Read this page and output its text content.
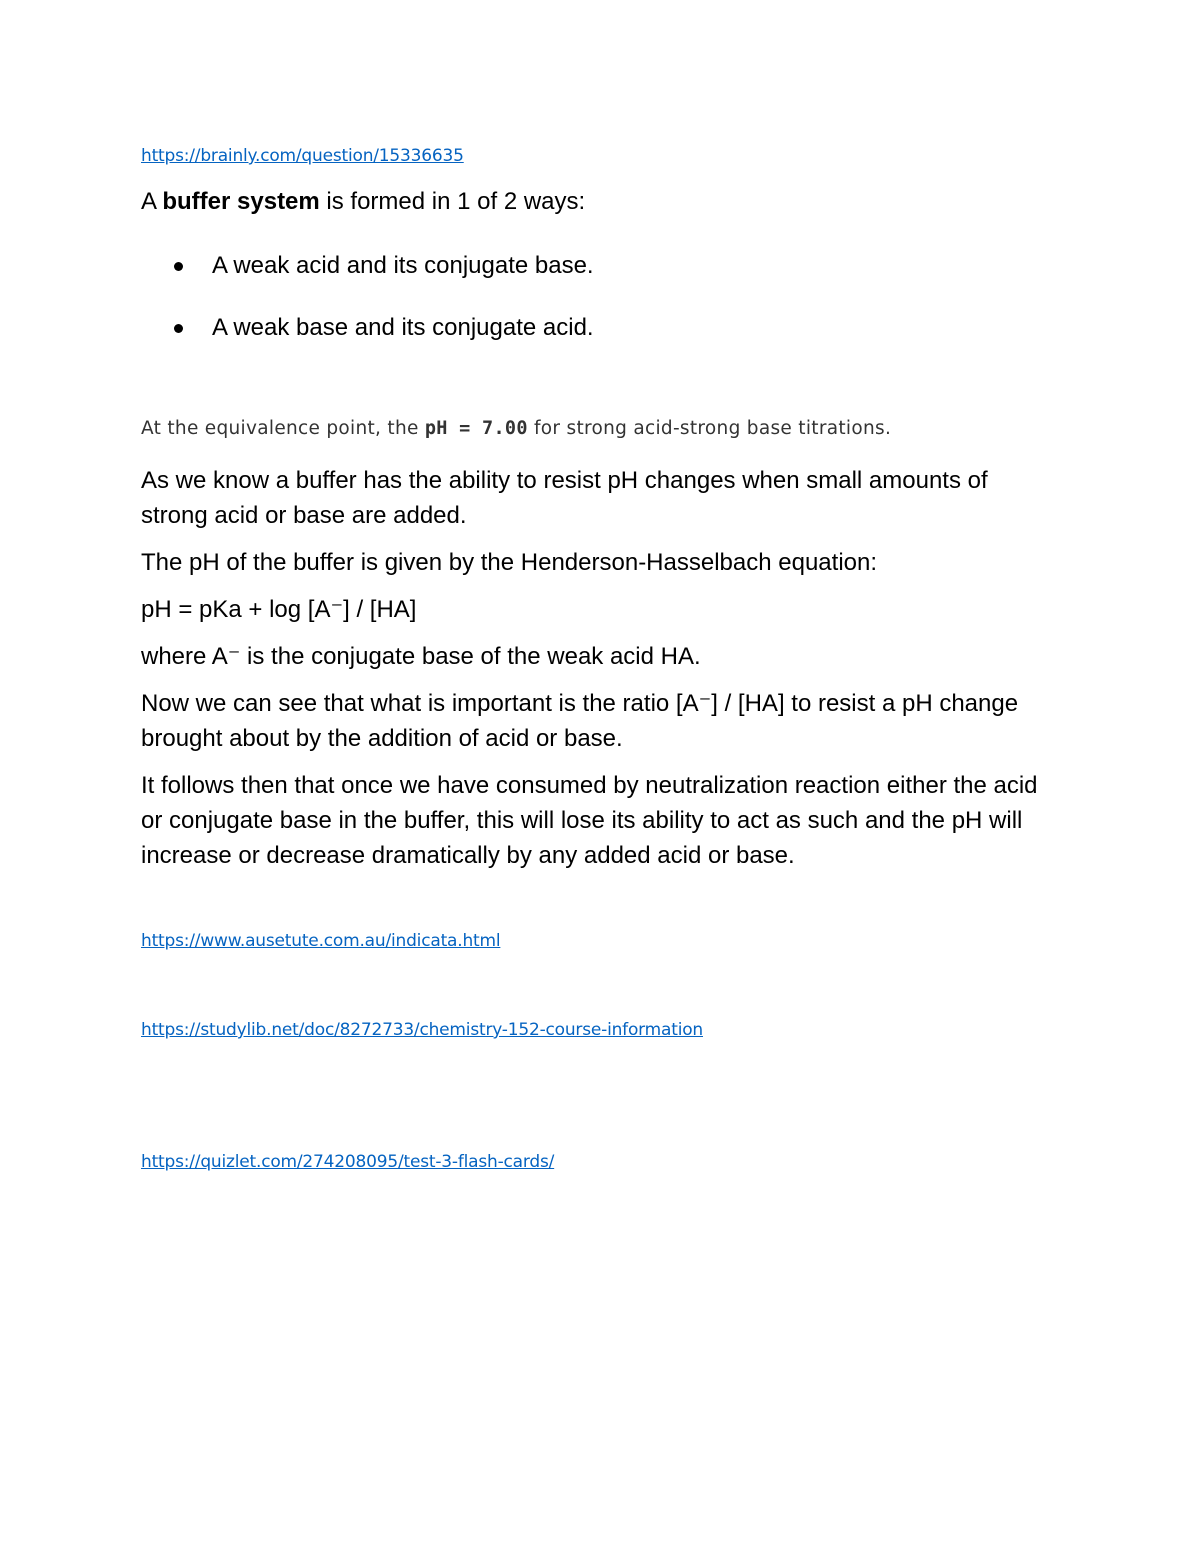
https://brainly.com/question/15336635
A buffer system is formed in 1 of 2 ways:
A weak acid and its conjugate base.
A weak base and its conjugate acid.
At the equivalence point, the pH = 7.00 for strong acid-strong base titrations.

As we know a buffer has the ability to resist pH changes when small amounts of strong acid or base are added.

The pH of the buffer is given by the Henderson-Hasselbach equation:

pH = pKa + log [A⁻] / [HA]

where A⁻ is the conjugate base of the weak acid HA.

Now we can see that what is important is the ratio [A⁻] / [HA] to resist a pH change brought about by the addition of acid or base.

It follows then that once we have consumed by neutralization reaction either the acid or conjugate base in the buffer, this will lose its ability to act as such and the pH will increase or decrease dramatically by any added acid or base.

https://www.ausetute.com.au/indicata.html
https://studylib.net/doc/8272733/chemistry-152-course-information
https://quizlet.com/274208095/test-3-flash-cards/
